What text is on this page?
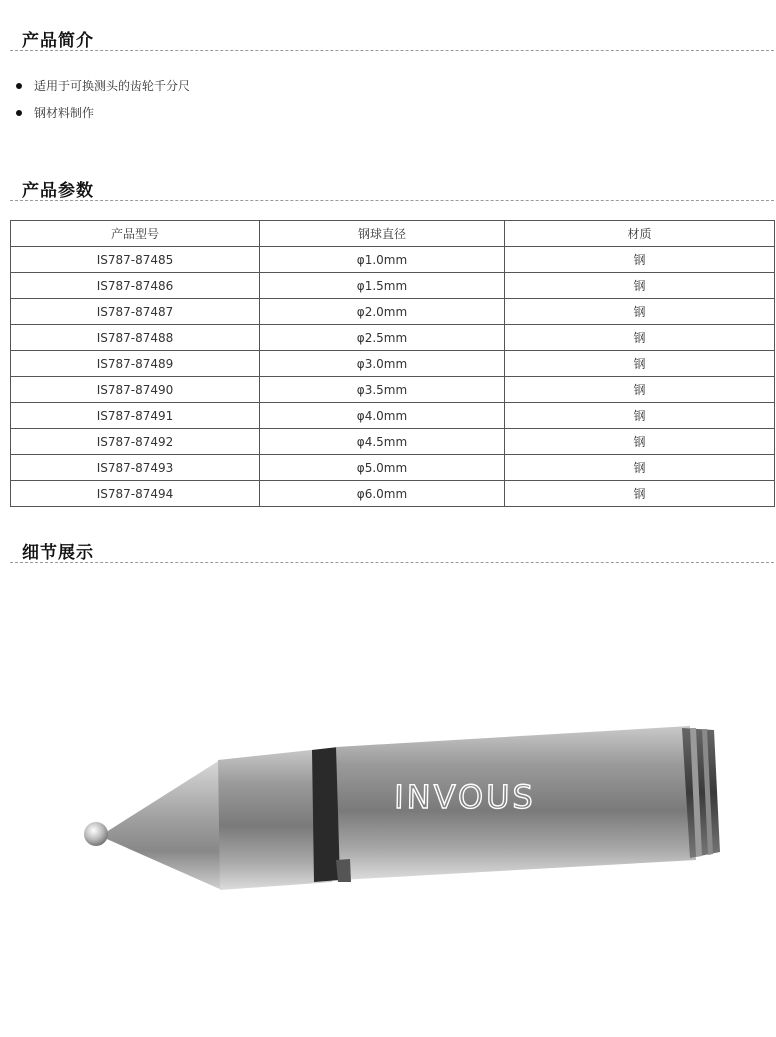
产品简介
适用于可换测头的齿轮千分尺
钢材料制作
产品参数
产品型号	钢球直径	材质
IS787-87485	φ1.0mm	钢
IS787-87486	φ1.5mm	钢
IS787-87487	φ2.0mm	钢
IS787-87488	φ2.5mm	钢
IS787-87489	φ3.0mm	钢
IS787-87490	φ3.5mm	钢
IS787-87491	φ4.0mm	钢
IS787-87492	φ4.5mm	钢
IS787-87493	φ5.0mm	钢
IS787-87494	φ6.0mm	钢
细节展示
INVOUS
